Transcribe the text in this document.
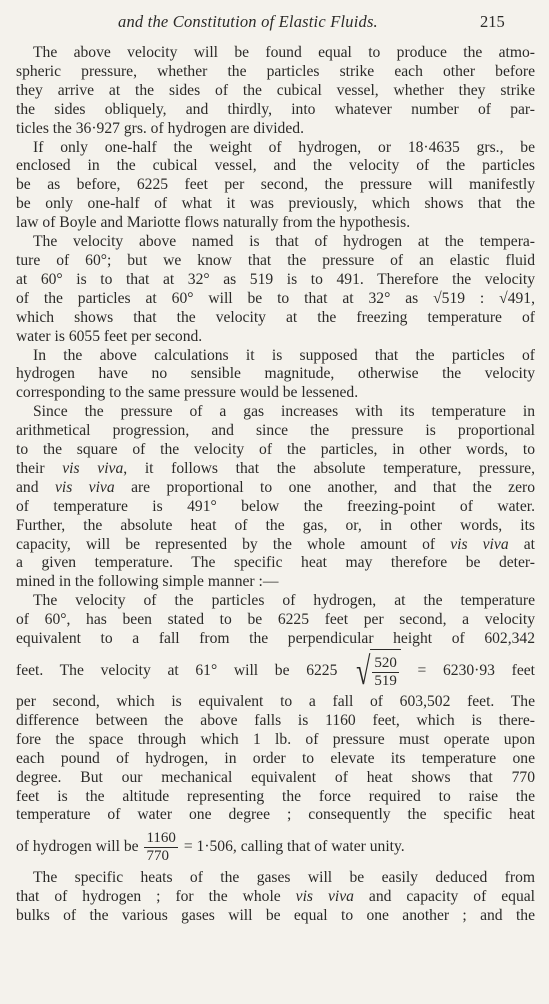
and the Constitution of Elastic Fluids.	215
The above velocity will be found equal to produce the atmo-
spheric pressure, whether the particles strike each other before
they arrive at the sides of the cubical vessel, whether they strike
the sides obliquely, and thirdly, into whatever number of par-
ticles the 36·927 grs. of hydrogen are divided.
If only one-half the weight of hydrogen, or 18·4635 grs., be
enclosed in the cubical vessel, and the velocity of the particles
be as before, 6225 feet per second, the pressure will manifestly
be only one-half of what it was previously, which shows that the
law of Boyle and Mariotte flows naturally from the hypothesis.
The velocity above named is that of hydrogen at the tempera-
ture of 60°; but we know that the pressure of an elastic fluid
at 60° is to that at 32° as 519 is to 491. Therefore the velocity
of the particles at 60° will be to that at 32° as √519 : √491,
which shows that the velocity at the freezing temperature of
water is 6055 feet per second.
In the above calculations it is supposed that the particles of
hydrogen have no sensible magnitude, otherwise the velocity
corresponding to the same pressure would be lessened.
Since the pressure of a gas increases with its temperature in
arithmetical progression, and since the pressure is proportional
to the square of the velocity of the particles, in other words, to
their vis viva, it follows that the absolute temperature, pressure,
and vis viva are proportional to one another, and that the zero
of temperature is 491° below the freezing-point of water.
Further, the absolute heat of the gas, or, in other words, its
capacity, will be represented by the whole amount of vis viva at
a given temperature. The specific heat may therefore be deter-
mined in the following simple manner :—
The velocity of the particles of hydrogen, at the temperature
of 60°, has been stated to be 6225 feet per second, a velocity
equivalent to a fall from the perpendicular height of 602,342
feet. The velocity at 61° will be 6225 √ $\frac{520}{519} = 6230\cdot 93$ feet
per second, which is equivalent to a fall of 603,502 feet. The
difference between the above falls is 1160 feet, which is there-
fore the space through which 1 lb. of pressure must operate upon
each pound of hydrogen, in order to elevate its temperature one
degree. But our mechanical equivalent of heat shows that 770
feet is the altitude representing the force required to raise the
temperature of water one degree ; consequently the specific heat
of hydrogen will be $\frac{1160}{770} = 1\cdot 506$, calling that of water unity.
The specific heats of the gases will be easily deduced from
that of hydrogen ; for the whole vis viva and capacity of equal
bulks of the various gases will be equal to one another ; and the
